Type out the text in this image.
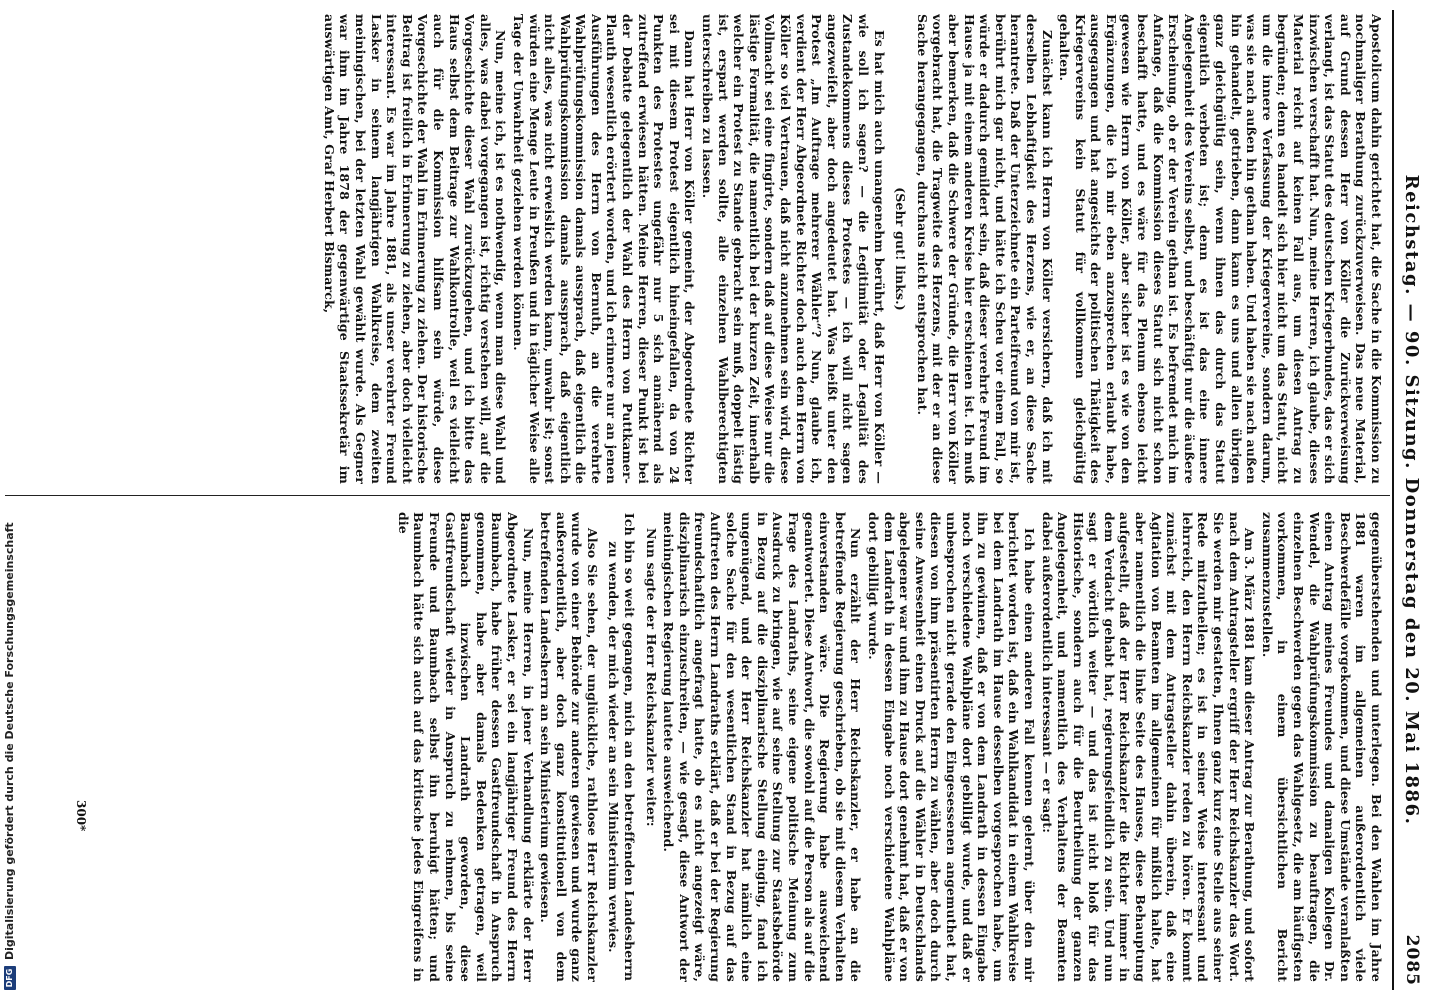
Reichstag. — 90. Sitzung. Donnerstag den 20. Mai 1886.
2085

Apostolicum dahin gerichtet hat, die Sache in die Kommission zu nochmaliger Berathung zurückzuverweisen. Das neue Material, auf Grund dessen Herr von Köller die Zurückverweisung verlangt, ist das Statut des deutschen Kriegerbundes, das er sich inzwischen verschafft hat. Nun, meine Herren, ich glaube, dieses Material reicht auf keinen Fall aus, um diesen Antrag zu begründen; denn es handelt sich hier nicht um das Statut, nicht um die innere Verfassung der Kriegervereine, sondern darum, was sie nach außen hin gethan haben. Und haben sie nach außen hin gehandelt, getrieben, dann kann es uns und allen übrigen ganz gleichgültig sein, wenn ihnen das durch das Statut eigentlich verboten ist; denn es ist das eine innere Angelegenheit des Vereins selbst, und beschäftigt nur die äußere Erscheinung, ob er der Verein gethan ist. Es befremdet mich im Anfange, daß die Kommission dieses Statut sich nicht schon beschafft hatte, und es wäre für das Plenum ebenso leicht gewesen wie Herrn von Köller, aber sicher ist es wie von den Ergänzungen, die ich mir eben anzusprechen erlaubt habe, ausgegangen und hat angesichts der politischen Thätigkeit des Kriegervereins kein Statut für vollkommen gleichgültig gehalten.

Zunächst kann ich Herrn von Köller versichern, daß ich mit derselben Lebhaftigkeit des Herzens, wie er, an diese Sache herantrete. Daß der Unterzeichnete ein Parteifreund von mir ist, berührt mich gar nicht, und hätte ich Scheu vor einem Fall, so würde er dadurch gemildert sein, daß dieser verehrte Freund im Hause ja mit einem anderen Kreise hier erschienen ist. Ich muß aber bemerken, daß die Schwere der Gründe, die Herr von Köller vorgebracht hat, die Tragweite des Herzens, mit der er an diese Sache herangegangen, durchaus nicht entsprochen hat.

(Sehr gut! links.)

Es hat mich auch unangenehm berührt, daß Herr von Köller — wie soll ich sagen? — die Legitimität oder Legalität des Zustandekommens dieses Protestes — ich will nicht sagen angezweifelt, aber doch angedeutet hat. Was heißt unter den Protest „Im Auftrage mehrerer Wähler“? Nun, glaube ich, verdient der Herr Abgeordnete Richter doch auch dem Herrn von Köller so viel Vertrauen, daß nicht anzunehmen sein wird, diese Vollmacht sei eine fingirte, sondern daß auf diese Weise nur die lästige Formalität, die namentlich bei der kurzen Zeit, innerhalb welcher ein Protest zu Stande gebracht sein muß, doppelt lästig ist, erspart werden sollte, alle einzelnen Wahlberechtigten unterschreiben zu lassen.

Dann hat Herr von Köller gemeint, der Abgeordnete Richter sei mit diesem Protest eigentlich hineingefallen, da von 24 Punkten des Protestes ungefähr nur 5 sich annähernd als zutreffend erwiesen hätten. Meine Herren, dieser Punkt ist bei der Debatte gelegentlich der Wahl des Herrn von Puttkamer-Plauth wesentlich erörtert worden, und ich erinnere nur an jenen Ausführungen des Herrn von Bernuth, an die verehrte Wahlprüfungskommission damals aussprach, daß eigentlich die Wahlprüfungskommission damals aussprach, daß eigentlich nicht alles, was nicht erweislich werden kann, unwahr ist; sonst würden eine Menge Leute in Preußen und in täglicher Weise alle Tage der Unwahrheit geziehen werden können.

Nun, meine ich, ist es nothwendig, wenn man diese Wahl und alles, was dabei vorgegangen ist, richtig verstehen will, auf die Vorgeschichte dieser Wahl zurückzugehen, und ich bitte das Haus selbst dem Beitrage zur Wahlkontrolle, weil es vielleicht auch für die Kommission hilfsam sein würde, diese Vorgeschichte der Wahl im Erinnerung zu ziehen. Der historische Beitrag ist freilich in Erinnerung zu ziehen, aber doch vielleicht interessant. Es war im Jahre 1881, als unser verehrter Freund Lasker in seinem langjährigen Wahlkreise, dem zweiten meiningischen, bei der letzten Wahl gewählt wurde. Als Gegner war ihm im Jahre 1878 der gegenwärtige Staatssekretär im auswärtigen Amt, Graf Herbert Bismarck,

gegenüberstehenden und unterlegen. Bei den Wahlen im Jahre 1881 waren im allgemeinen außerordentlich viele Beschwerdefälle vorgekommen, und diese Umstände veranlaßten einen Antrag meines Freundes und damaligen Kollegen Dr. Wendel, die Wahlprüfungskommission zu beauftragen, die einzelnen Beschwerden gegen das Wahlgesetz, die am häufigsten vorkommen, in einem übersichtlichen Bericht zusammenzustellen.

Am 3. März 1881 kam dieser Antrag zur Berathung, und sofort nach dem Antragsteller ergriff der Herr Reichskanzler das Wort. Sie werden mir gestatten, Ihnen ganz kurz eine Stelle aus seiner Rede mitzutheilen; es ist in seiner Weise interessant und lehrreich, den Herrn Reichskanzler reden zu hören. Er kommt zunächst mit dem Antragsteller dahin überein, daß eine Agitation von Beamten im allgemeinen für mißlich halte, hat aber namentlich die linke Seite des Hauses, diese Behauptung aufgestellt, daß der Herr Reichskanzler die Richter immer in dem Verdacht gehabt hat, regierungsfeindlich zu sein. Und nun sagt er wörtlich weiter — und das ist nicht bloß für das Historische, sondern auch für die Beurtheilung der ganzen Angelegenheit, und namentlich des Verhaltens der Beamten dabei außerordentlich interessant — er sagt:

Ich habe einen anderen Fall kennen gelernt, über den mir berichtet worden ist, daß ein Wahlkandidat in einem Wahlkreise bei dem Landrath im Hause desselben vorgesprochen habe, um ihn zu gewinnen, daß er von dem Landrath in dessen Eingabe noch verschiedene Wahlpläne dort gebilligt wurde, und daß er unbesprochen nicht gerade den Eingesessenen angemuthet hat, diesen von ihm präsentirten Herrn zu wählen, aber doch durch seine Anwesenheit einen Druck auf die Wähler in Deutschlands abgelegener war und ihm zu Hause dort genehmt hat, daß er von dem Landrath in dessen Eingabe noch verschiedene Wahlpläne dort gebilligt wurde.

Nun erzählt der Herr Reichskanzler, er habe an die betreffende Regierung geschrieben, ob sie mit diesem Verhalten einverstanden wäre. Die Regierung habe ausweichend geantwortet. Diese Antwort, die sowohl auf die Person als auf die Frage des Landraths, seine eigene politische Meinung zum Ausdruck zu bringen, wie auf seine Stellung zur Staatsbehörde in Bezug auf die disziplinarische Stellung einging, fand ich ungenügend, und der Herr Reichskanzler hat nämlich eine solche Sache für den wesentlichen Stand in Bezug auf das Auftreten des Herrn Landraths erklärt, daß er bei der Regierung freundschaftlich angefragt hatte, ob es nicht angezeigt wäre, disziplinarisch einzuschreiten, — wie gesagt, diese Antwort der meiningischen Regierung lautete ausweichend.

Nun sagte der Herr Reichskanzler weiter:

Ich bin so weit gegangen, mich an den betreffenden Landesherrn zu wenden, der mich wieder an sein Ministerium verwies.

Also Sie sehen, der unglückliche, rathlose Herr Reichskanzler wurde von einer Behörde zur anderen gewiesen und wurde ganz außerordentlich, aber doch ganz konstitutionell von dem betreffenden Landesherrn an sein Ministerium gewiesen.

Nun, meine Herren, in jener Verhandlung erklärte der Herr Abgeordnete Lasker, er sei ein langjähriger Freund des Herrn Baumbach, habe früher dessen Gastfreundschaft in Anspruch genommen, habe aber damals Bedenken getragen, weil Baumbach inzwischen Landrath geworden, diese Gastfreundschaft wieder in Anspruch zu nehmen, bis seine Freunde und Baumbach selbst ihn beruhigt hätten; und Baumbach hätte sich auch auf das kritische jedes Eingreifens in die

300*
DFGDigitalisierung gefördert durch die Deutsche Forschungsgemeinschaft
